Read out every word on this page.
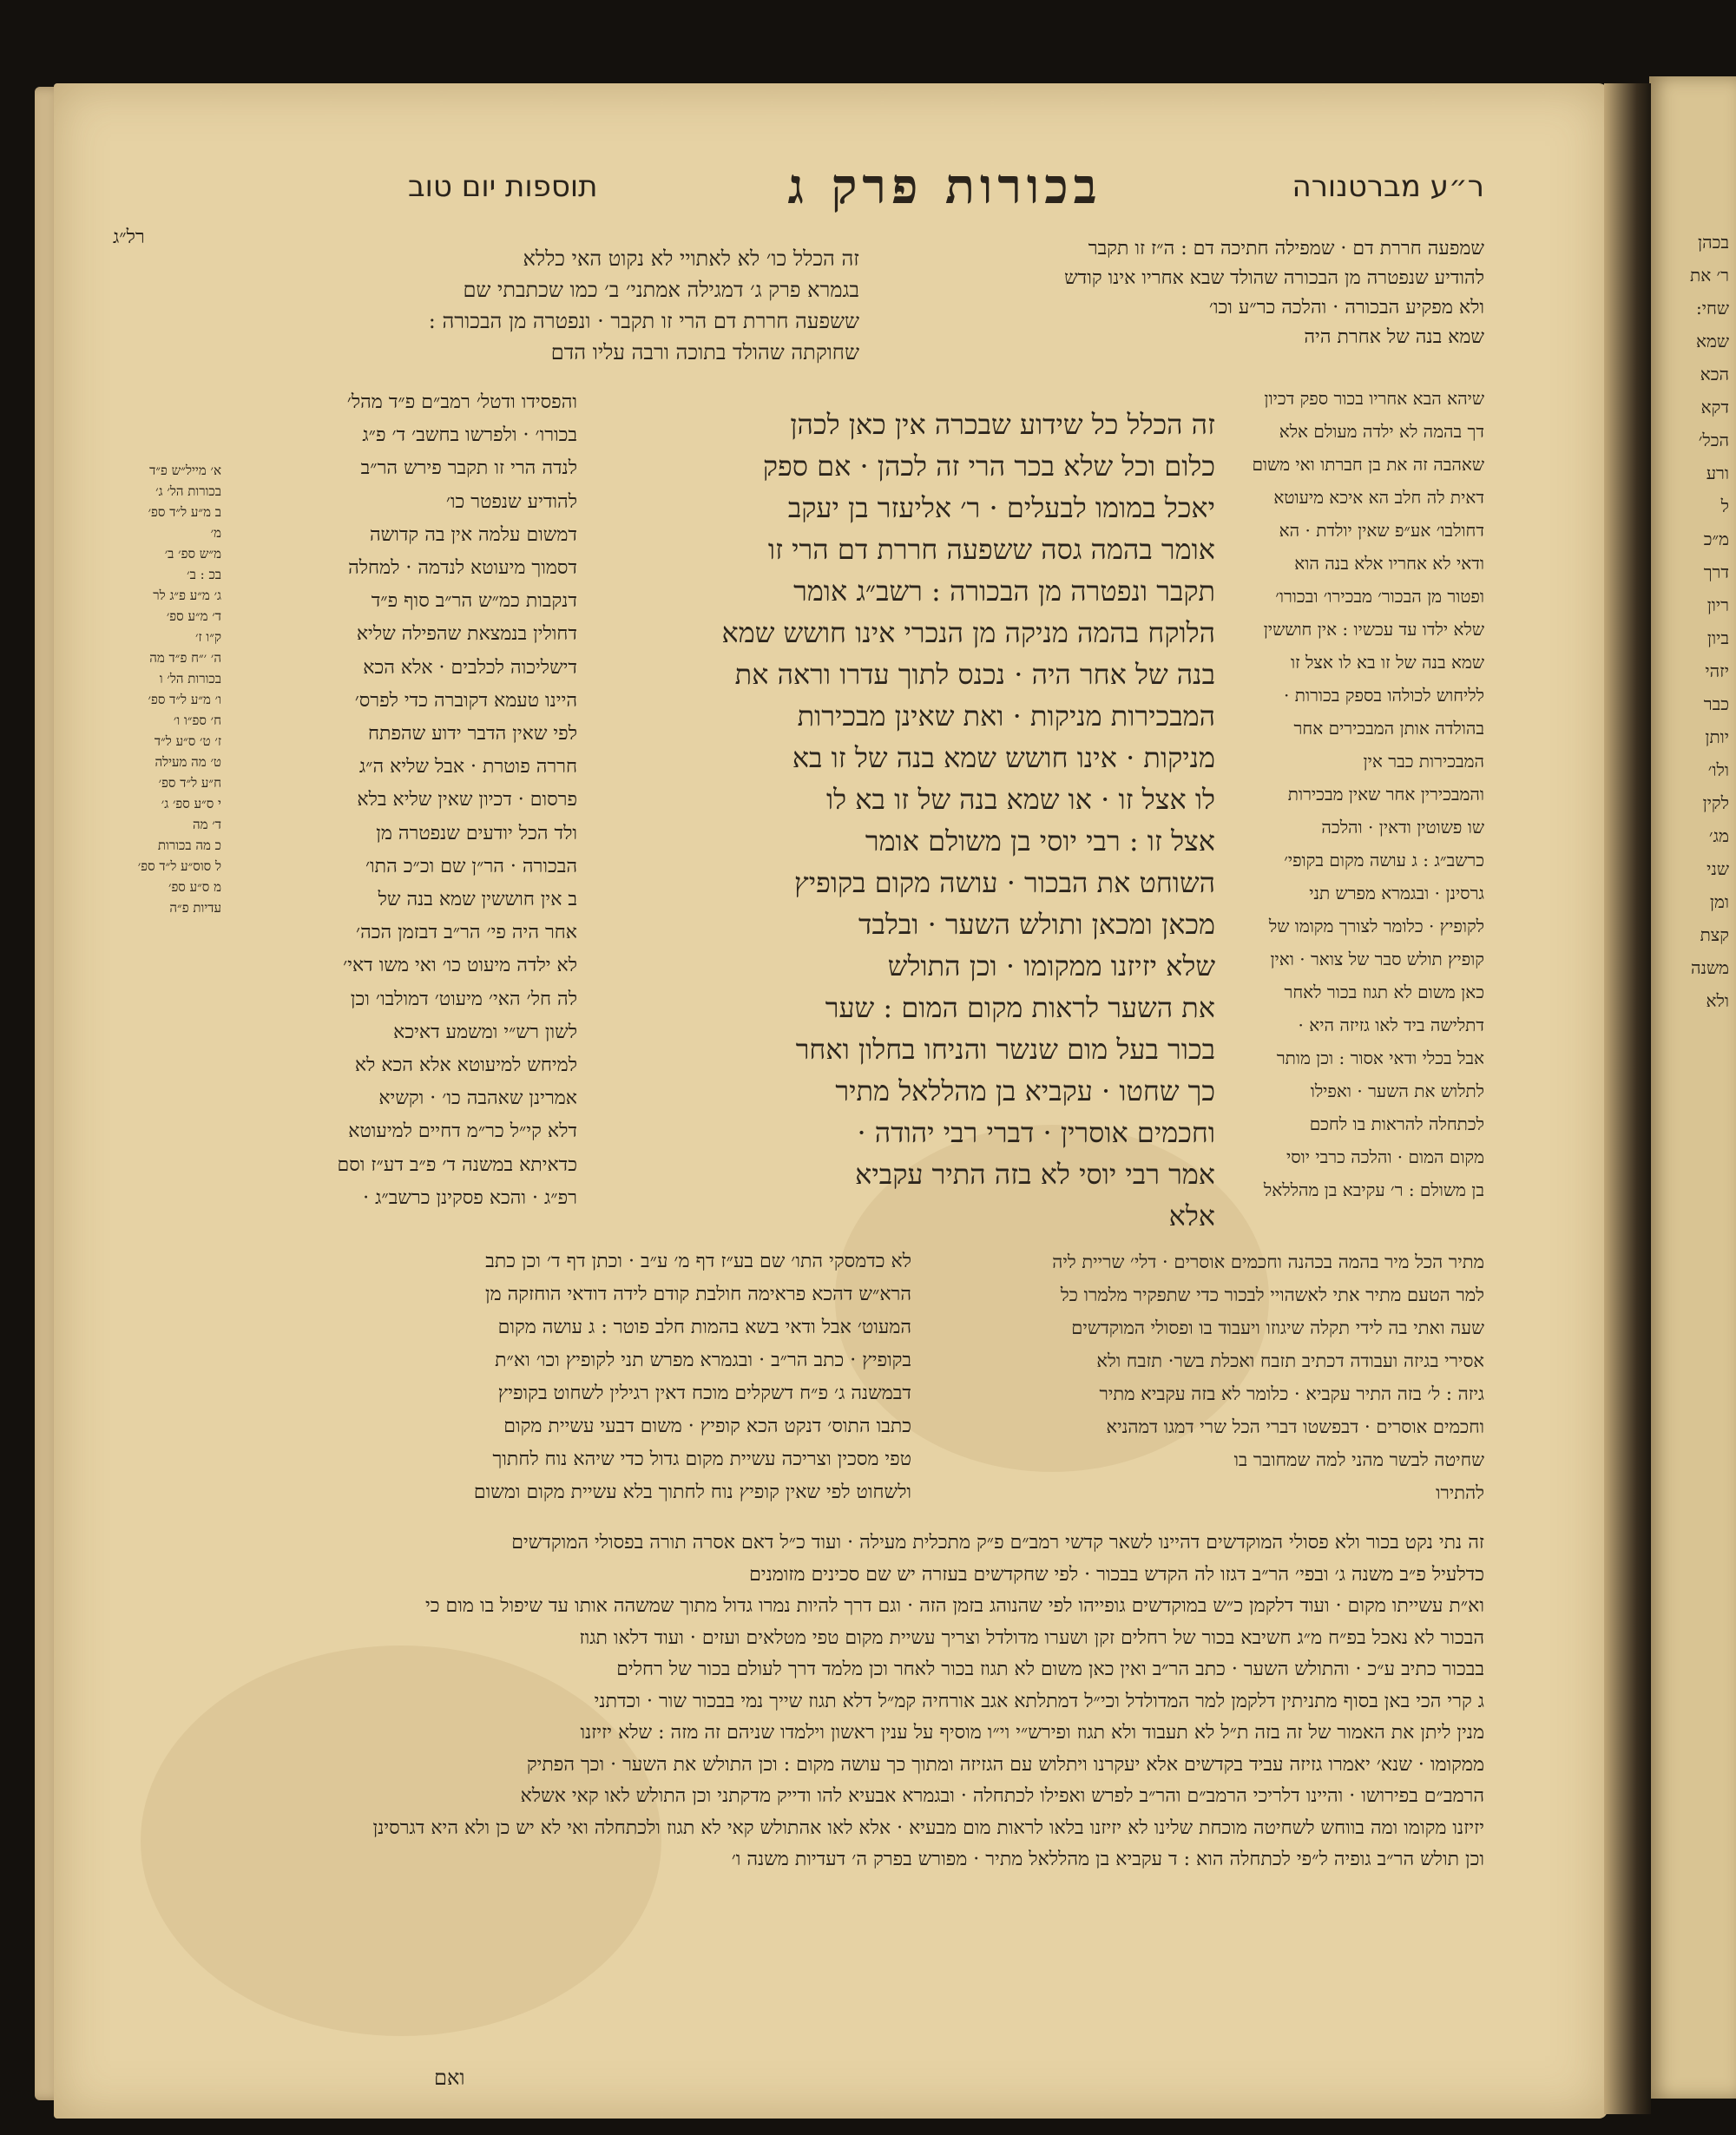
בכהן
ר׳ את
שחי:
שמא
הכא
דקא
הכל׳
ורע
ל
מ״כ
דרך
ריון
ביון
יזהי
כבר
יותן
ולו׳
לקין
מג׳
שני
ומן
קצת
משנה
ולא
ר״ע מברטנורה
בכורות פרק ג
תוספות יום טוב
רל״ג

שמפעה חררת דם · שמפילה חתיכה דם : ה״ז זו תקבר

להודיע שנפטרה מן הבכורה שהולד שבא אחריו אינו קודש

ולא מפקיע הבכורה · והלכה כר״ע וכו׳

שמא בנה של אחרת היה

זה הכלל כו׳ לא לאתויי לא נקוט האי כללא

בגמרא פרק ג׳ דמגילה אמתני׳ ב׳ כמו שכתבתי שם

ששפעה חררת דם הרי זו תקבר · ונפטרה מן הבכורה :

שחוקתה שהולד בתוכה ורבה עליו הדם

והפסידו ודטל׳ רמב״ם פ״ד מהל׳

בכורו׳ · ולפרשו בחשב׳ ד׳ פ״ג

לנדה הרי זו תקבר פירש הר״ב

להודיע שנפטר כו׳

דמשום עלמה אין בה קדושה

דסמוך מיעוטא לנדמה · למחלה

דנקבות כמ״ש הר״ב סוף פ״ד

דחולין בנמצאת שהפילה שליא

דישליכוה לכלבים · אלא הכא

היינו טעמא דקוברה כדי לפרס׳

לפי שאין הדבר ידוע שהפתח

חררה פוטרת · אבל שליא ה״ג

פרסום · דכיון שאין שליא בלא

ולד הכל יודעים שנפטרה מן

הבכורה · הר״ן שם וכ״כ התו׳

ב אין חוששין שמא בנה של

אחר היה פי׳ הר״ב דבזמן הכה׳

לא ילדה מיעוט כו׳ ואי משו דאי׳

לה חל׳ האי׳ מיעוט׳ דמולבו׳ וכן

לשון רש״י ומשמע דאיכא

למיחש למיעוטא אלא הכא לא

אמרינן שאהבה כו׳ · וקשיא

דלא קי״ל כר״מ דחיים למיעוטא

כדאיתא במשנה ד׳ פ״ב דע״ז וסם

רפ״ג · והכא פסקינן כרשב״ג ·

זה הכלל כל שידוע שבכרה אין כאן לכהן

כלום וכל שלא בכר הרי זה לכהן · אם ספק

יאכל במומו לבעלים · ר׳ אליעזר בן יעקב

אומר בהמה גסה ששפעה חררת דם הרי זו

תקבר ונפטרה מן הבכורה : רשב״ג אומר

הלוקח בהמה מניקה מן הנכרי אינו חושש שמא

בנה של אחר היה · נכנס לתוך עדרו וראה את

המבכירות מניקות · ואת שאינן מבכירות

מניקות · אינו חושש שמא בנה של זו בא

לו אצל זו · או שמא בנה של זו בא לו

אצל זו : רבי יוסי בן משולם אומר

השוחט את הבכור · עושה מקום בקופיץ

מכאן ומכאן ותולש השער · ובלבד

שלא יזיזנו ממקומו · וכן התולש

את השער לראות מקום המום : שער

בכור בעל מום שנשר והניחו בחלון ואחר

כך שחטו · עקביא בן מהללאל מתיר

וחכמים אוסרין · דברי רבי יהודה ·

אמר רבי יוסי לא בזה התיר עקביא

אלא

שיהא הבא אחריו בכור ספק דכיון

דך בהמה לא ילדה מעולם אלא

שאהבה זה את בן חברתו ואי משום

דאית לה חלב הא איכא מיעוטא

דחולבו׳ אע״פ שאין יולדת · הא

ודאי לא אחריו אלא בנה הוא

ופטור מן הבכור׳ מבכירו׳ ובכורו׳

שלא ילדו עד עכשיו : אין חוששין

שמא בנה של זו בא לו אצל זו

לליחוש לכולהו בספק בכורות ·

בהולדה אותן המבכירים אחר

המבכירות כבר אין

והמבכירין אחר שאין מבכירות

שו פשוטין ודאין · והלכה

כרשב״ג : ג עושה מקום בקופי׳

גרסינן · ובגמרא מפרש תני

לקופיץ · כלומר לצורך מקומו של

קופיץ תולש סבר של צואר · ואין

כאן משום לא תגוז בכור לאחר

דתלישה ביד לאו גזיזה היא ·

אבל בכלי ודאי אסור : וכן מותר

לתלוש את השער · ואפילו

לכתחלה להראות בו לחכם

מקום המום · והלכה כרבי יוסי

בן משולם : ר׳ עקיבא בן מהללאל

א׳ מייל״ש פ״ד

בכורות הל׳ ג׳

ב מ״ע ל״ד ספ׳

מ׳

מ״ש ספ׳ ב׳

בכ : ב׳

ג׳ מ״ע פ״ג לר

ד׳ מ״ע ספ׳

ק״ו ז׳

ה׳ ׳״ח פ״ד מה

בכורות הל׳ ו

ו׳ מ״ע ל״ד ספ׳

ח׳ ספ״ו ו׳

ז׳ ט׳ ס״ע ל״ד

ט׳ מה מעילה

ח״ע ל״ד ספ׳

י ס״ע ספ׳ ג׳

ד׳ מה

כ מה בכורות

ל סוס״ע ל״ד ספ׳

מ ס״ע ספ׳

עדיות פ״ה

לא כדמסקי התו׳ שם בע״ז דף מ׳ ע״ב · וכתן דף ד׳ וכן כתב

הרא״ש דהכא פראימה חולבת קודם לידה דודאי הוחזקה מן

המעוט׳ אבל ודאי בשא בהמות חלב פוטר : ג עושה מקום

בקופיץ · כתב הר״ב · ובגמרא מפרש תני לקופיץ וכו׳ וא״ת

דבמשנה ג׳ פ״ח דשקלים מוכח דאין רגילין לשחוט בקופיץ

כתבו התוס׳ דנקט הכא קופיץ · משום דבעי עשיית מקום

טפי מסכין וצריכה עשיית מקום גדול כדי שיהא נוח לחתוך

ולשחוט לפי שאין קופיץ נוח לחתוך בלא עשיית מקום ומשום

מתיר הכל מיר בהמה בכהנה וחכמים אוסרים · דלי׳ שריית ליה

למר הטעם מתיר אתי לאשהויי לבכור כדי שתפקיר מלמרו כל

שעה ואתי בה לידי תקלה שיגוזו ויעבוד בו ופסולי המוקדשים

אסירי בגיזה ועבודה דכתיב תזבח ואכלת בשר· תזבח ולא

גיזה : ל׳ בזה התיר עקביא · כלומר לא בזה עקביא מתיר

וחכמים אוסרים · דבפשטו דברי הכל שרי דמגו דמהניא

שחיטה לבשר מהני למה שמחובר בו

להתירו

זה נתי נקט בכור ולא פסולי המוקדשים דהיינו לשאר קדשי רמב״ם פ״ק מתכלית מעילה · ועוד כ״ל דאם אסרה תורה בפסולי המוקדשים

כדלעיל פ״ב משנה ג׳ ובפי׳ הר״ב דגזו לה הקדש בבכור · לפי שחקדשים בעזרה יש שם סכינים מזומנים

וא״ת עשייתו מקום · ועוד דלקמן כ״ש במוקדשים גופייהו לפי שהנוהג בזמן הזה · וגם דרך להיות נמרו גדול מתוך שמשהה אותו עד שיפול בו מום כי

הבכור לא נאכל בפ״ח מ״ג חשיבא בכור של רחלים זקן ושערו מדולדל וצריך עשיית מקום טפי מטלאים ועזים · ועוד דלאו תגוז

בבכור כתיב ע״כ · והתולש השער · כתב הר״ב ואין כאן משום לא תגוז בכור לאחר וכן מלמד דרך לעולם בכור של רחלים

ג קרי הכי באן בסוף מתניתין דלקמן למר המדולדל וכי״ל דמתלתא אגב אורחיה קמ״ל דלא תגוז שייך נמי בבכור שור · וכדתני

מנין ליתן את האמור של זה בזה ת״ל לא תעבוד ולא תגוז ופירש״י וי״ו מוסיף על ענין ראשון וילמדו שניהם זה מזה : שלא יזיזנו

ממקומו · שנא׳ יאמרו גזיזה עביד בקדשים אלא יעקרנו ויתלוש עם הגזיזה ומתוך כך עושה מקום : וכן התולש את השער · וכך הפתיק

הרמב״ם בפירושו · והיינו דלריכי הרמב״ם והר״ב לפרש ואפילו לכתחלה · ובגמרא אבעיא להו ודייק מדקתני וכן התולש לאו קאי אשלא

יזיזנו מקומו ומה בווחש לשחיטה מוכחת שלינו לא יזיזנו בלאו לראות מום מבעיא · אלא לאו אהתולש קאי לא תגוז ולכתחלה ואי לא יש כן ולא היא דגרסינן

וכן תולש הר״ב גופיה ל״פי לכתחלה הוא : ד עקביא בן מהללאל מתיר · מפורש בפרק ה׳ דעדיות משנה ו׳

ואם
